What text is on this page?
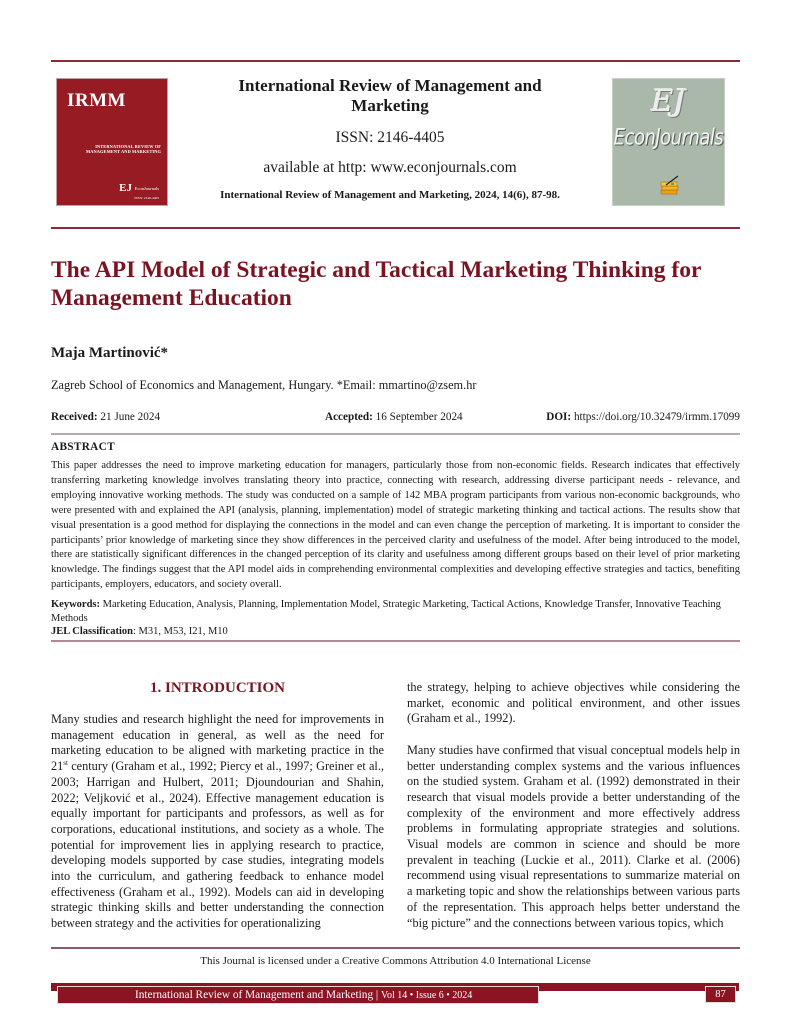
IRMM
INTERNATIONAL REVIEW OF
MANAGEMENT AND MARKETING
EJ EconJournals
ISSN: 2146-4405
International Review of Management and Marketing
ISSN: 2146-4405
available at http: www.econjournals.com
International Review of Management and Marketing, 2024, 14(6), 87-98.
EJ
EconJournals
The API Model of Strategic and Tactical Marketing Thinking for Management Education
Maja Martinović*
Zagreb School of Economics and Management, Hungary. *Email: mmartino@zsem.hr
Received: 21 June 2024	Accepted: 16 September 2024	DOI: https://doi.org/10.32479/irmm.17099
ABSTRACT
This paper addresses the need to improve marketing education for managers, particularly those from non-economic fields. Research indicates that effectively transferring marketing knowledge involves translating theory into practice, connecting with research, addressing diverse participant needs - relevance, and employing innovative working methods. The study was conducted on a sample of 142 MBA program participants from various non-economic backgrounds, who were presented with and explained the API (analysis, planning, implementation) model of strategic marketing thinking and tactical actions. The results show that visual presentation is a good method for displaying the connections in the model and can even change the perception of marketing. It is important to consider the participants’ prior knowledge of marketing since they show differences in the perceived clarity and usefulness of the model. After being introduced to the model, there are statistically significant differences in the changed perception of its clarity and usefulness among different groups based on their level of prior marketing knowledge. The findings suggest that the API model aids in comprehending environmental complexities and developing effective strategies and tactics, benefiting participants, employers, educators, and society overall.
Keywords: Marketing Education, Analysis, Planning, Implementation Model, Strategic Marketing, Tactical Actions, Knowledge Transfer, Innovative Teaching Methods
JEL Classification: M31, M53, I21, M10
1. INTRODUCTION

Many studies and research highlight the need for improvements in management education in general, as well as the need for marketing education to be aligned with marketing practice in the 21st century (Graham et al., 1992; Piercy et al., 1997; Greiner et al., 2003; Harrigan and Hulbert, 2011; Djoundourian and Shahin, 2022; Veljković et al., 2024). Effective management education is equally important for participants and professors, as well as for corporations, educational institutions, and society as a whole. The potential for improvement lies in applying research to practice, developing models supported by case studies, integrating models into the curriculum, and gathering feedback to enhance model effectiveness (Graham et al., 1992). Models can aid in developing strategic thinking skills and better understanding the connection between strategy and the activities for operationalizing

the strategy, helping to achieve objectives while considering the market, economic and political environment, and other issues (Graham et al., 1992).

Many studies have confirmed that visual conceptual models help in better understanding complex systems and the various influences on the studied system. Graham et al. (1992) demonstrated in their research that visual models provide a better understanding of the complexity of the environment and more effectively address problems in formulating appropriate strategies and solutions. Visual models are common in science and should be more prevalent in teaching (Luckie et al., 2011). Clarke et al. (2006) recommend using visual representations to summarize material on a marketing topic and show the relationships between various parts of the representation. This approach helps better understand the “big picture” and the connections between various topics, which

This Journal is licensed under a Creative Commons Attribution 4.0 International License
International Review of Management and Marketing | Vol 14 • Issue 6 • 2024	87
